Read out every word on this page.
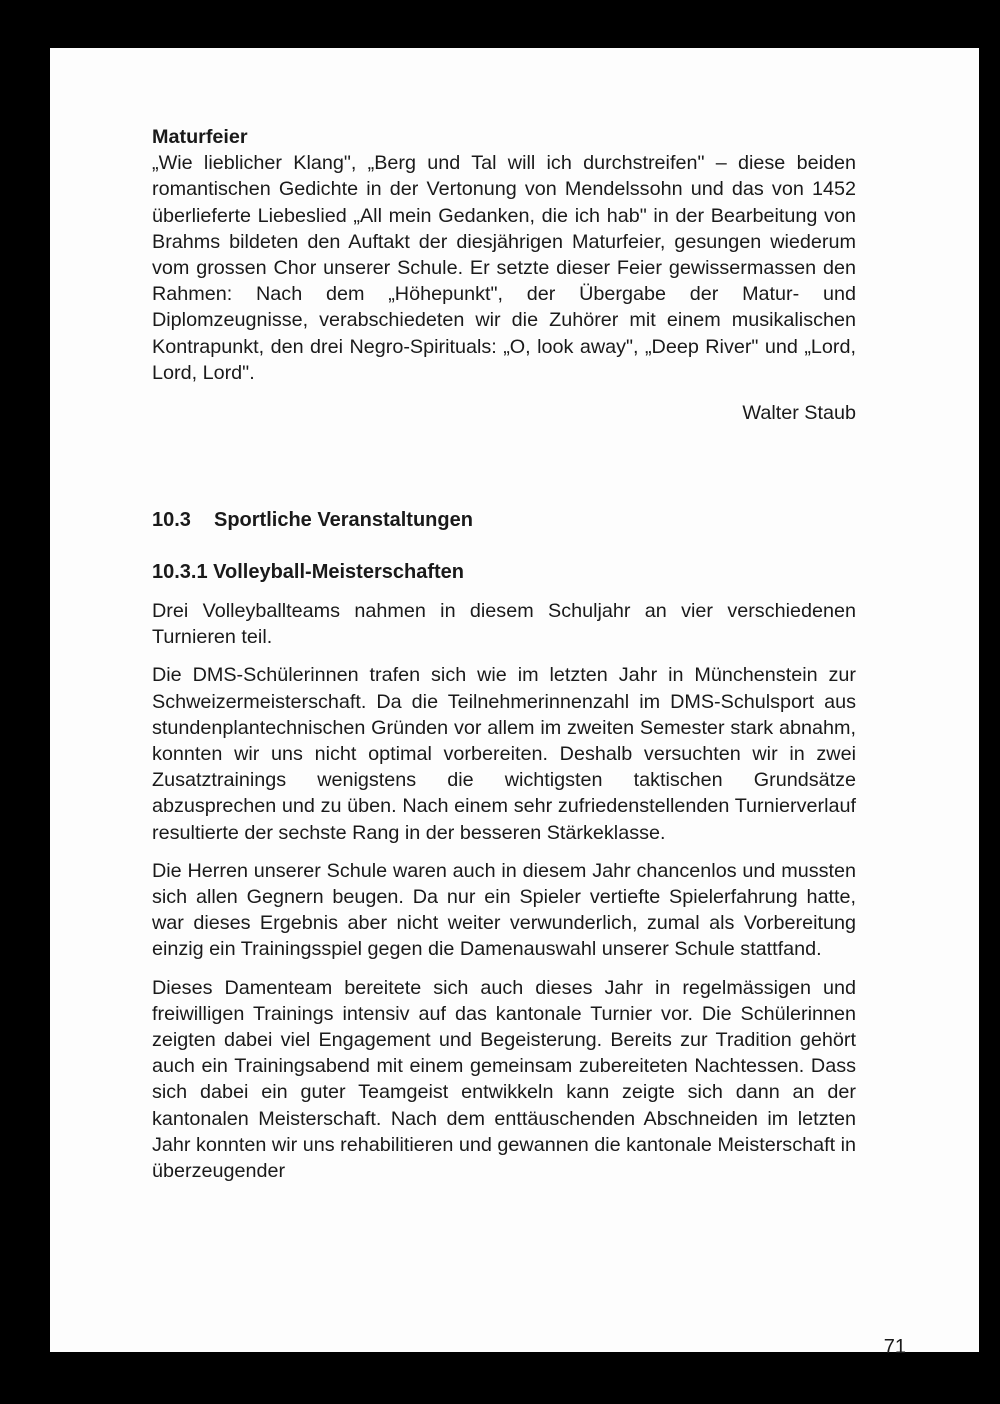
Maturfeier

„Wie lieblicher Klang", „Berg und Tal will ich durchstreifen" – diese beiden romantischen Gedichte in der Vertonung von Mendelssohn und das von 1452 überlieferte Liebeslied „All mein Gedanken, die ich hab" in der Bearbeitung von Brahms bildeten den Auftakt der diesjährigen Maturfeier, gesungen wiederum vom grossen Chor unserer Schule. Er setzte dieser Feier gewissermassen den Rahmen: Nach dem „Höhepunkt", der Übergabe der Matur- und Diplomzeugnisse, verabschiedeten wir die Zuhörer mit einem musikalischen Kontrapunkt, den drei Negro-Spirituals: „O, look away", „Deep River" und „Lord, Lord, Lord".

Walter Staub
10.3 Sportliche Veranstaltungen
10.3.1 Volleyball-Meisterschaften

Drei Volleyballteams nahmen in diesem Schuljahr an vier verschiedenen Turnieren teil.

Die DMS-Schülerinnen trafen sich wie im letzten Jahr in Münchenstein zur Schweizermeisterschaft. Da die Teilnehmerinnenzahl im DMS-Schulsport aus stundenplantechnischen Gründen vor allem im zweiten Semester stark abnahm, konnten wir uns nicht optimal vorbereiten. Deshalb versuchten wir in zwei Zusatztrainings wenigstens die wichtigsten taktischen Grundsätze abzusprechen und zu üben. Nach einem sehr zufriedenstellenden Turnierverlauf resultierte der sechste Rang in der besseren Stärkeklasse.

Die Herren unserer Schule waren auch in diesem Jahr chancenlos und mussten sich allen Gegnern beugen. Da nur ein Spieler vertiefte Spielerfahrung hatte, war dieses Ergebnis aber nicht weiter verwunderlich, zumal als Vorbereitung einzig ein Trainingsspiel gegen die Damenauswahl unserer Schule stattfand.

Dieses Damenteam bereitete sich auch dieses Jahr in regelmässigen und freiwilligen Trainings intensiv auf das kantonale Turnier vor. Die Schülerinnen zeigten dabei viel Engagement und Begeisterung. Bereits zur Tradition gehört auch ein Trainingsabend mit einem gemeinsam zubereiteten Nachtessen. Dass sich dabei ein guter Teamgeist entwikkeln kann zeigte sich dann an der kantonalen Meisterschaft. Nach dem enttäuschenden Abschneiden im letzten Jahr konnten wir uns rehabilitieren und gewannen die kantonale Meisterschaft in überzeugender

71
